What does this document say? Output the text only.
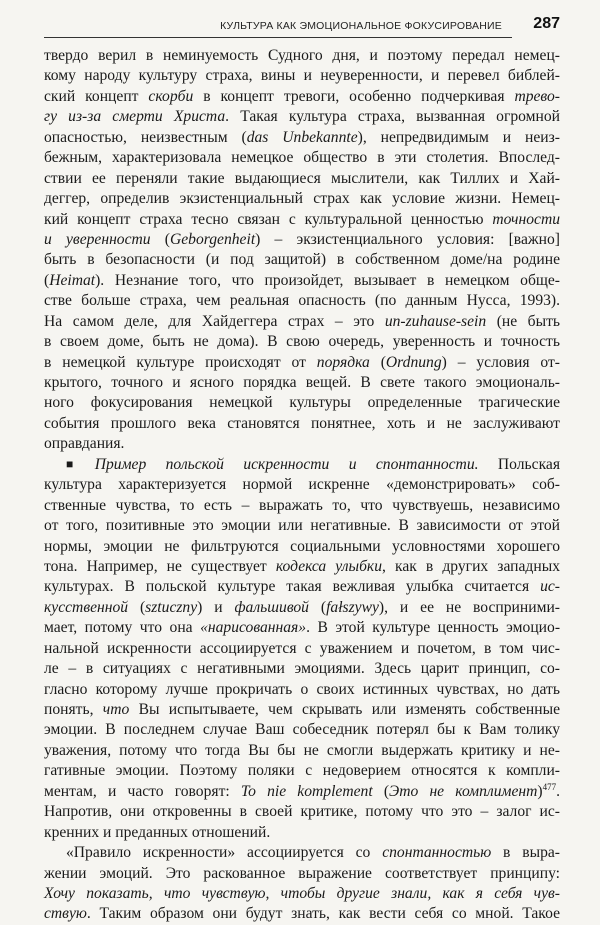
КУЛЬТУРА КАК ЭМОЦИОНАЛЬНОЕ ФОКУСИРОВАНИЕ 287
твердо верил в неминуемость Судного дня, и поэтому передал немец-
кому народу культуру страха, вины и неуверенности, и перевел библей-
ский концепт скорби в концепт тревоги, особенно подчеркивая трево-
гу из-за смерти Христа. Такая культура страха, вызванная огромной
опасностью, неизвестным (das Unbekannte), непредвидимым и неиз-
бежным, характеризовала немецкое общество в эти столетия. Впослед-
ствии ее переняли такие выдающиеся мыслители, как Тиллих и Хай-
деггер, определив экзистенциальный страх как условие жизни. Немец-
кий концепт страха тесно связан с культуральной ценностью точности
и уверенности (Geborgenheit) – экзистенциального условия: [важно]
быть в безопасности (и под защитой) в собственном доме/на родине
(Heimat). Незнание того, что произойдет, вызывает в немецком обще-
стве больше страха, чем реальная опасность (по данным Нусса, 1993).
На самом деле, для Хайдеггера страх – это un-zuhause-sein (не быть
в своем доме, быть не дома). В свою очередь, уверенность и точность
в немецкой культуре происходят от порядка (Ordnung) – условия от-
крытого, точного и ясного порядка вещей. В свете такого эмоциональ-
ного фокусирования немецкой культуры определенные трагические
события прошлого века становятся понятнее, хоть и не заслуживают
оправдания.
■ Пример польской искренности и спонтанности. Польская
культура характеризуется нормой искренне «демонстрировать» соб-
ственные чувства, то есть – выражать то, что чувствуешь, независимо
от того, позитивные это эмоции или негативные. В зависимости от этой
нормы, эмоции не фильтруются социальными условностями хорошего
тона. Например, не существует кодекса улыбки, как в других западных
культурах. В польской культуре такая вежливая улыбка считается ис-
кусственной (sztuczny) и фальшивой (fałszywy), и ее не восприними-
мает, потому что она «нарисованная». В этой культуре ценность эмоцио-
нальной искренности ассоциируется с уважением и почетом, в том чис-
ле – в ситуациях с негативными эмоциями. Здесь царит принцип, со-
гласно которому лучше прокричать о своих истинных чувствах, но дать
понять, что Вы испытываете, чем скрывать или изменять собственные
эмоции. В последнем случае Ваш собеседник потерял бы к Вам толику
уважения, потому что тогда Вы бы не смогли выдержать критику и не-
гативные эмоции. Поэтому поляки с недоверием относятся к компли-
ментам, и часто говорят: To nie komplement (Это не комплимент)$^{477}$.
Напротив, они откровенны в своей критике, потому что это – залог ис-
кренних и преданных отношений.
«Правило искренности» ассоциируется со спонтанностью в выра-
жении эмоций. Это раскованное выражение соответствует принципу:
Хочу показать, что чувствую, чтобы другие знали, как я себя чув-
ствую. Таким образом они будут знать, как вести себя со мной. Такое
